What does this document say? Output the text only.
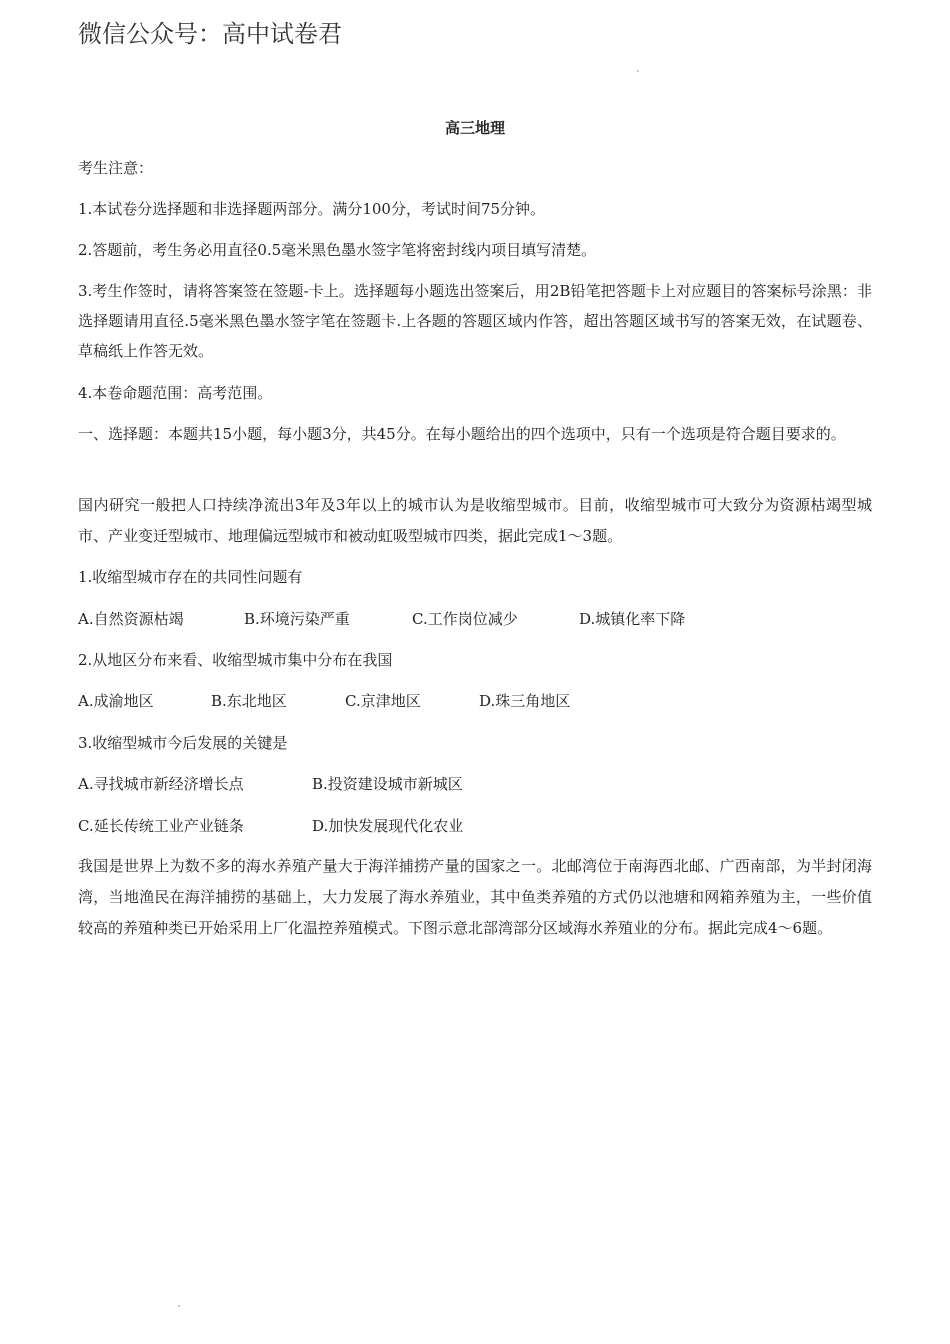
微信公众号：高中试卷君
高三地理

考生注意：

1.本试卷分选择题和非选择题两部分。满分100分，考试时间75分钟。

2.答题前，考生务必用直径0.5毫米黑色墨水签字笔将密封线内项目填写清楚。

3.考生作签时，请将答案签在签题-卡上。选择题每小题选出签案后，用2B铅笔把答题卡上对应题目的答案标号涂黑：非选择题请用直径.5毫米黑色墨水签字笔在签题卡.上各题的答题区域内作答，超出答题区域书写的答案无效，在试题卷、草稿纸上作答无效。

4.本卷命题范围：高考范围。

一、选择题：本题共15小题，每小题3分，共45分。在每小题给出的四个选项中，只有一个选项是符合题目要求的。

国内研究一般把人口持续净流出3年及3年以上的城市认为是收缩型城市。目前，收缩型城市可大致分为资源枯竭型城市、产业变迁型城市、地理偏远型城市和被动虹吸型城市四类，据此完成1～3题。

1.收缩型城市存在的共同性问题有

A.自然资源枯竭	B.环境污染严重	C.工作岗位减少	D.城镇化率下降

2.从地区分布来看、收缩型城市集中分布在我国

A.成渝地区	B.东北地区	C.京津地区	D.珠三角地区

3.收缩型城市今后发展的关键是

A.寻找城市新经济增长点	B.投资建设城市新城区
C.延长传统工业产业链条	D.加快发展现代化农业

我国是世界上为数不多的海水养殖产量大于海洋捕捞产量的国家之一。北邮湾位于南海西北邮、广西南部，为半封闭海湾，当地渔民在海洋捕捞的基础上，大力发展了海水养殖业，其中鱼类养殖的方式仍以池塘和网箱养殖为主，一些价值较高的养殖种类已开始采用上厂化温控养殖模式。下图示意北部湾部分区域海水养殖业的分布。据此完成4～6题。
